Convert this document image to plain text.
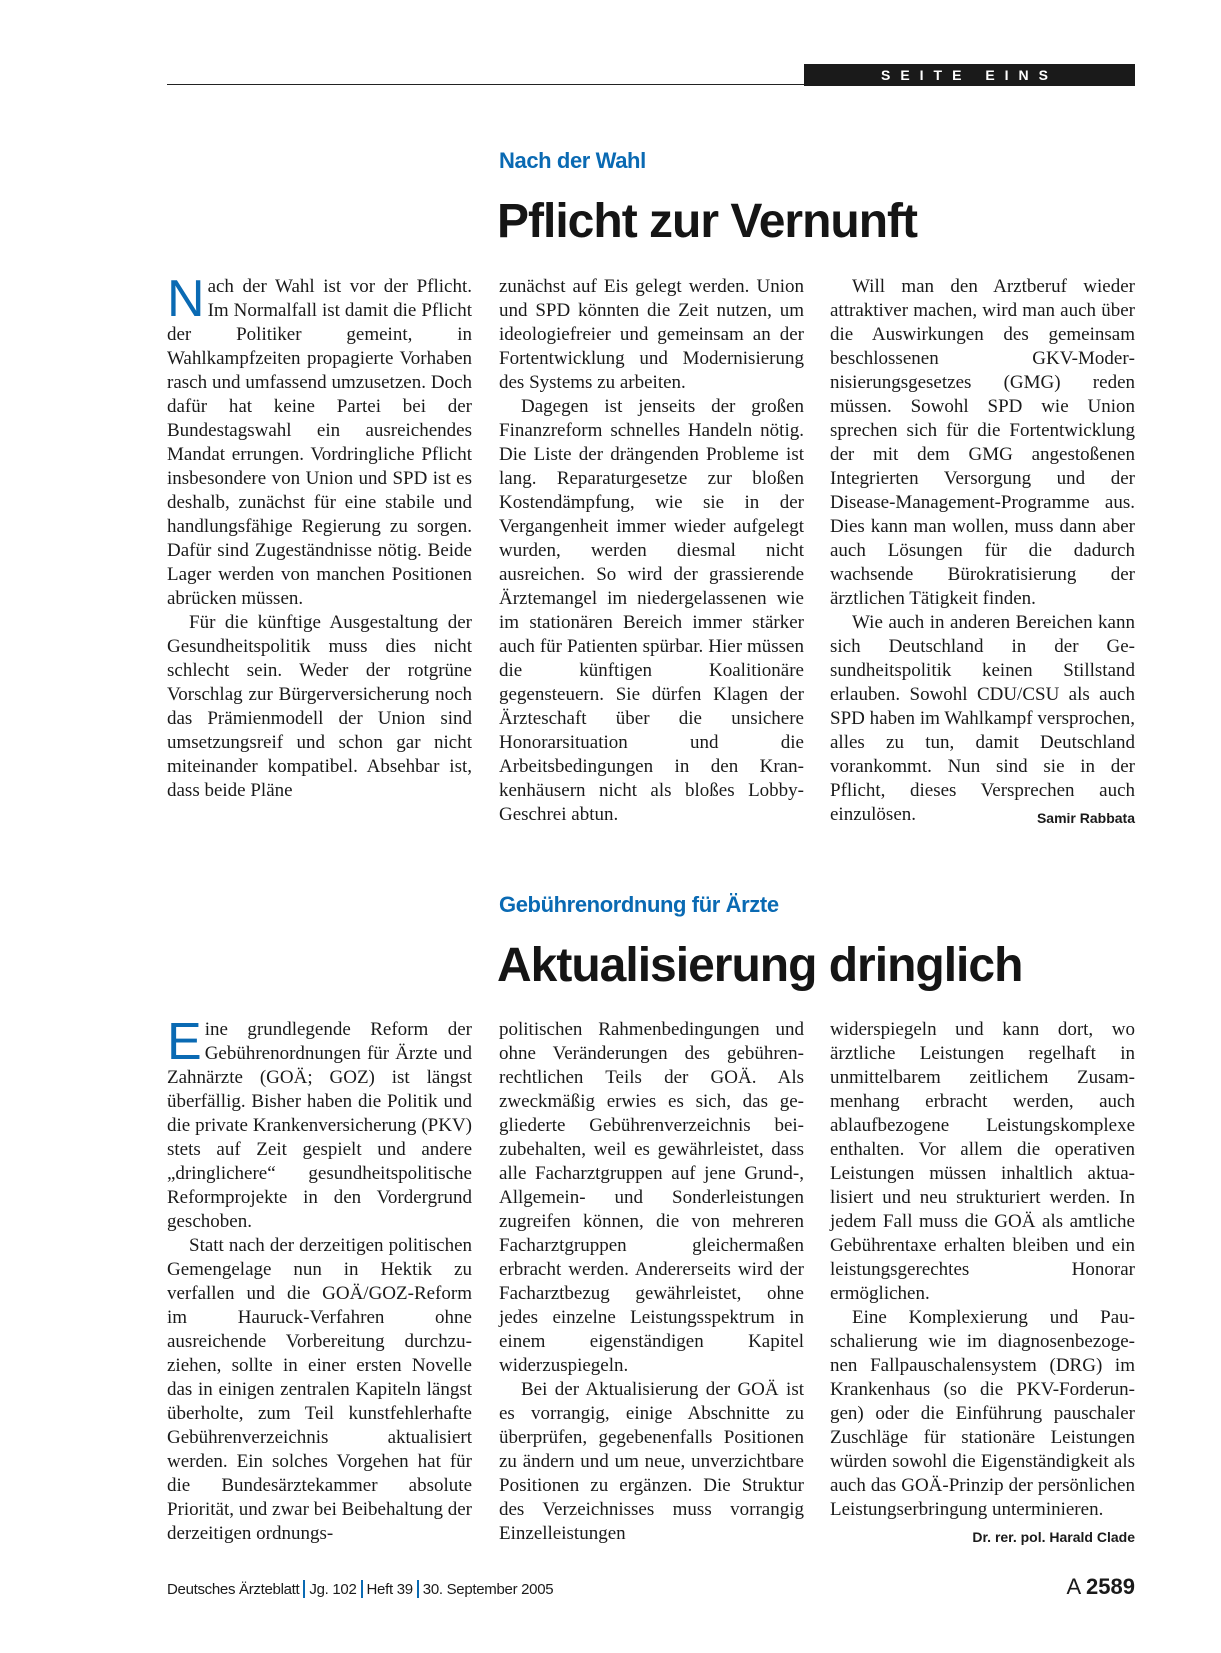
SEITE EINS
Nach der Wahl
Pflicht zur Vernunft

Nach der Wahl ist vor der Pflicht. Im Normalfall ist damit die Pflicht der Politiker gemeint, in Wahlkampfzeiten propagierte Vorhaben rasch und umfassend umzusetzen. Doch dafür hat keine Partei bei der Bundestagswahl ein ausreichendes Mandat errungen. Vordringliche Pflicht insbesondere von Union und SPD ist es deshalb, zunächst für eine stabile und handlungsfähige Regierung zu sorgen. Dafür sind Zugeständnisse nötig. Beide Lager werden von manchen Positionen abrücken müssen.

Für die künftige Ausgestaltung der Gesundheitspolitik muss dies nicht schlecht sein. Weder der rotgrüne Vorschlag zur Bürgerversicherung noch das Prämienmodell der Union sind umsetzungsreif und schon gar nicht miteinander kompatibel. Absehbar ist, dass beide Pläne

zunächst auf Eis gelegt werden. Union und SPD könnten die Zeit nutzen, um ideologiefreier und gemeinsam an der Fortentwicklung und Modernisierung des Systems zu arbeiten.

Dagegen ist jenseits der großen Finanzreform schnelles Handeln nötig. Die Liste der drängenden Probleme ist lang. Reparaturgesetze zur bloßen Kostendämpfung, wie sie in der Vergangenheit immer wieder aufgelegt wurden, werden diesmal nicht ausreichen. So wird der grassierende Ärztemangel im niedergelassenen wie im stationären Bereich immer stärker auch für Patienten spürbar. Hier müssen die künftigen Koalitionäre gegensteuern. Sie dürfen Klagen der Ärzteschaft über die unsichere Honorarsituation und die Arbeitsbedingungen in den Krankenhäusern nicht als bloßes Lobby-Geschrei abtun.

Will man den Arztberuf wieder attraktiver machen, wird man auch über die Auswirkungen des gemeinsam beschlossenen GKV-Modernisierungsgesetzes (GMG) reden müssen. Sowohl SPD wie Union sprechen sich für die Fortentwicklung der mit dem GMG angestoßenen Integrierten Versorgung und der Disease-Management-Programme aus. Dies kann man wollen, muss dann aber auch Lösungen für die dadurch wachsende Bürokratisierung der ärztlichen Tätigkeit finden.

Wie auch in anderen Bereichen kann sich Deutschland in der Gesundheitspolitik keinen Stillstand erlauben. Sowohl CDU/CSU als auch SPD haben im Wahlkampf versprochen, alles zu tun, damit Deutschland vorankommt. Nun sind sie in der Pflicht, dieses Versprechen auch einzulösen.	Samir Rabbata

Gebührenordnung für Ärzte
Aktualisierung dringlich

Eine grundlegende Reform der Gebührenordnungen für Ärzte und Zahnärzte (GOÄ; GOZ) ist längst überfällig. Bisher haben die Politik und die private Krankenversicherung (PKV) stets auf Zeit gespielt und andere „dringlichere“ gesundheitspolitische Reformprojekte in den Vordergrund geschoben.

Statt nach der derzeitigen politischen Gemengelage nun in Hektik zu verfallen und die GOÄ/GOZ-Reform im Hauruck-Verfahren ohne ausreichende Vorbereitung durchzuziehen, sollte in einer ersten Novelle das in einigen zentralen Kapiteln längst überholte, zum Teil kunstfehlerhafte Gebührenverzeichnis aktualisiert werden. Ein solches Vorgehen hat für die Bundesärztekammer absolute Priorität, und zwar bei Beibehaltung der derzeitigen ordnungs-

politischen Rahmenbedingungen und ohne Veränderungen des gebührenrechtlichen Teils der GOÄ. Als zweckmäßig erwies es sich, das gegliederte Gebührenverzeichnis beizubehalten, weil es gewährleistet, dass alle Facharztgruppen auf jene Grund-, Allgemein- und Sonderleistungen zugreifen können, die von mehreren Facharztgruppen gleichermaßen erbracht werden. Andererseits wird der Facharztbezug gewährleistet, ohne jedes einzelne Leistungsspektrum in einem eigenständigen Kapitel widerzuspiegeln.

Bei der Aktualisierung der GOÄ ist es vorrangig, einige Abschnitte zu überprüfen, gegebenenfalls Positionen zu ändern und um neue, unverzichtbare Positionen zu ergänzen. Die Struktur des Verzeichnisses muss vorrangig Einzelleistungen

widerspiegeln und kann dort, wo ärztliche Leistungen regelhaft in unmittelbarem zeitlichem Zusammenhang erbracht werden, auch ablaufbezogene Leistungskomplexe enthalten. Vor allem die operativen Leistungen müssen inhaltlich aktualisiert und neu strukturiert werden. In jedem Fall muss die GOÄ als amtliche Gebührentaxe erhalten bleiben und ein leistungsgerechtes Honorar ermöglichen.

Eine Komplexierung und Pauschalierung wie im diagnosenbezogenen Fallpauschalensystem (DRG) im Krankenhaus (so die PKV-Forderungen) oder die Einführung pauschaler Zuschläge für stationäre Leistungen würden sowohl die Eigenständigkeit als auch das GOÄ-Prinzip der persönlichen Leistungserbringung unterminieren.
Dr. rer. pol. Harald Clade

Deutsches Ärzteblatt Jg. 102 Heft 39 30. September 2005	A 2589
